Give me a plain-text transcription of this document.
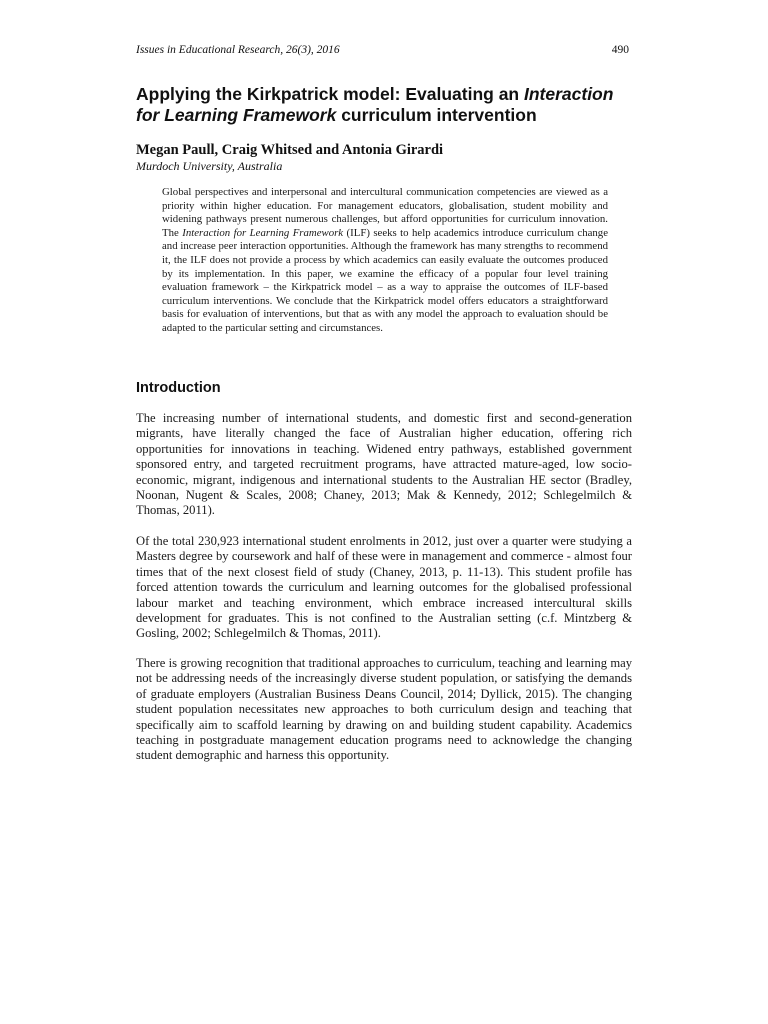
Issues in Educational Research, 26(3), 2016	490
Applying the Kirkpatrick model: Evaluating an Interaction for Learning Framework curriculum intervention
Megan Paull, Craig Whitsed and Antonia Girardi
Murdoch University, Australia

Global perspectives and interpersonal and intercultural communication competencies are viewed as a priority within higher education. For management educators, globalisation, student mobility and widening pathways present numerous challenges, but afford opportunities for curriculum innovation. The Interaction for Learning Framework (ILF) seeks to help academics introduce curriculum change and increase peer interaction opportunities. Although the framework has many strengths to recommend it, the ILF does not provide a process by which academics can easily evaluate the outcomes produced by its implementation. In this paper, we examine the efficacy of a popular four level training evaluation framework – the Kirkpatrick model – as a way to appraise the outcomes of ILF-based curriculum interventions. We conclude that the Kirkpatrick model offers educators a straightforward basis for evaluation of interventions, but that as with any model the approach to evaluation should be adapted to the particular setting and circumstances.

Introduction

The increasing number of international students, and domestic first and second-generation migrants, have literally changed the face of Australian higher education, offering rich opportunities for innovations in teaching. Widened entry pathways, established government sponsored entry, and targeted recruitment programs, have attracted mature-aged, low socio-economic, migrant, indigenous and international students to the Australian HE sector (Bradley, Noonan, Nugent & Scales, 2008; Chaney, 2013; Mak & Kennedy, 2012; Schlegelmilch & Thomas, 2011).

Of the total 230,923 international student enrolments in 2012, just over a quarter were studying a Masters degree by coursework and half of these were in management and commerce - almost four times that of the next closest field of study (Chaney, 2013, p. 11-13). This student profile has forced attention towards the curriculum and learning outcomes for the globalised professional labour market and teaching environment, which embrace increased intercultural skills development for graduates. This is not confined to the Australian setting (c.f. Mintzberg & Gosling, 2002; Schlegelmilch & Thomas, 2011).

There is growing recognition that traditional approaches to curriculum, teaching and learning may not be addressing needs of the increasingly diverse student population, or satisfying the demands of graduate employers (Australian Business Deans Council, 2014; Dyllick, 2015). The changing student population necessitates new approaches to both curriculum design and teaching that specifically aim to scaffold learning by drawing on and building student capability. Academics teaching in postgraduate management education programs need to acknowledge the changing student demographic and harness this opportunity.
